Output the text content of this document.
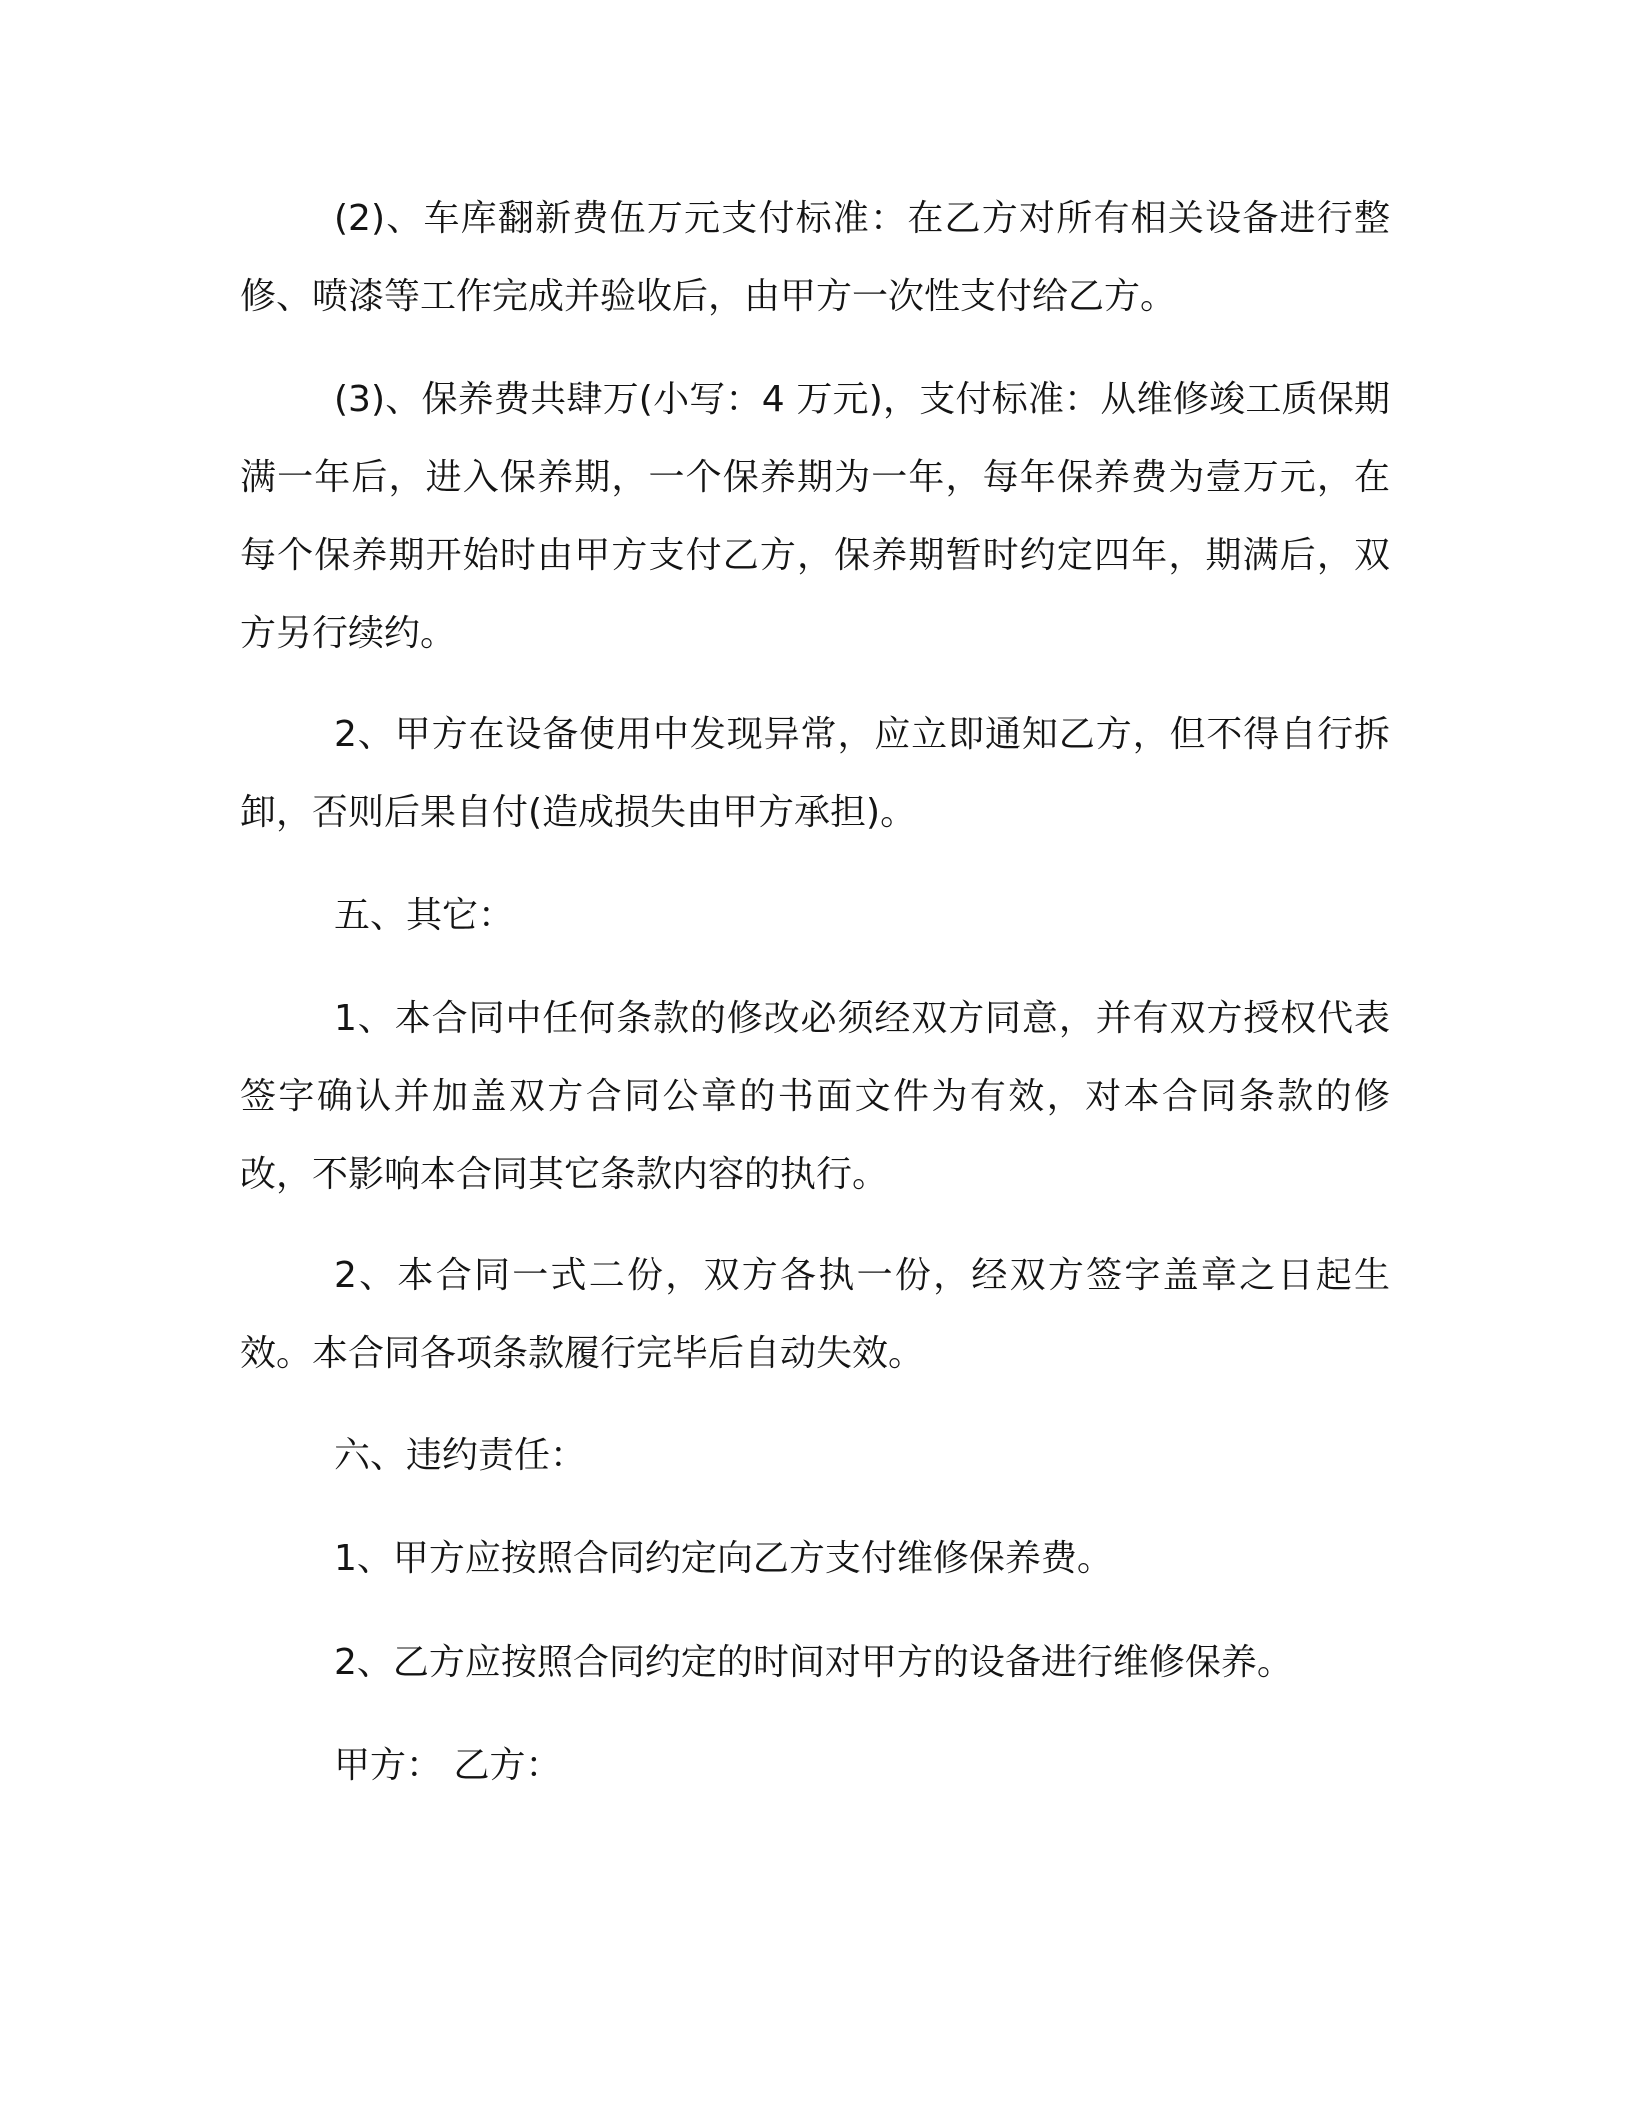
(2)、车库翻新费伍万元支付标准：在乙方对所有相关设备进行整修、喷漆等工作完成并验收后，由甲方一次性支付给乙方。

(3)、保养费共肆万(小写：4 万元)，支付标准：从维修竣工质保期满一年后，进入保养期，一个保养期为一年，每年保养费为壹万元，在每个保养期开始时由甲方支付乙方，保养期暂时约定四年，期满后，双方另行续约。

2、甲方在设备使用中发现异常，应立即通知乙方，但不得自行拆卸，否则后果自付(造成损失由甲方承担)。

五、其它：

1、本合同中任何条款的修改必须经双方同意，并有双方授权代表签字确认并加盖双方合同公章的书面文件为有效，对本合同条款的修改，不影响本合同其它条款内容的执行。

2、本合同一式二份，双方各执一份，经双方签字盖章之日起生效。本合同各项条款履行完毕后自动失效。

六、违约责任：

1、甲方应按照合同约定向乙方支付维修保养费。

2、乙方应按照合同约定的时间对甲方的设备进行维修保养。

甲方： 乙方：
